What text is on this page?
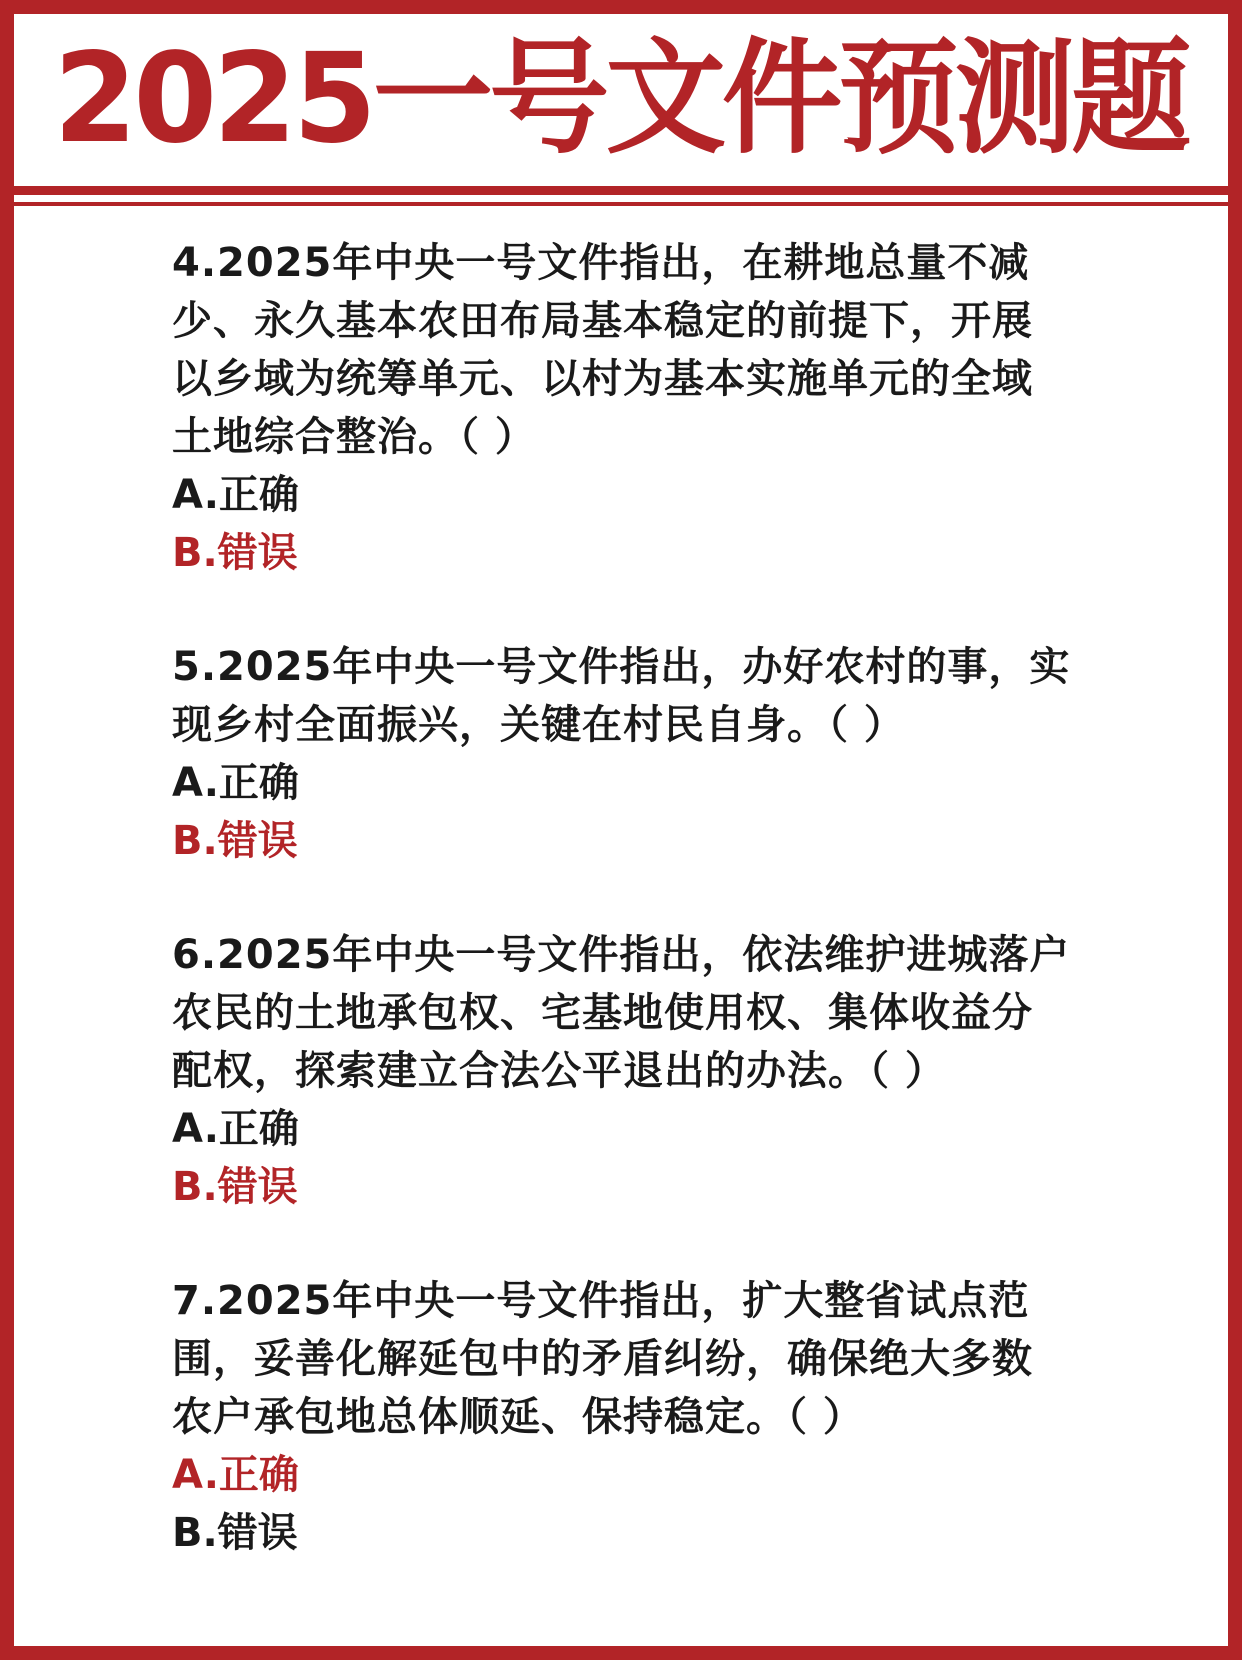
2025一号文件预测题

4.2025年中央一号文件指出，在耕地总量不减少、永久基本农田布局基本稳定的前提下，开展以乡域为统筹单元、以村为基本实施单元的全域土地综合整治。（ ）

A.正确

B.错误

5.2025年中央一号文件指出，办好农村的事，实现乡村全面振兴，关键在村民自身。（ ）

A.正确

B.错误

6.2025年中央一号文件指出，依法维护进城落户农民的土地承包权、宅基地使用权、集体收益分配权，探索建立合法公平退出的办法。（ ）

A.正确

B.错误

7.2025年中央一号文件指出，扩大整省试点范围，妥善化解延包中的矛盾纠纷，确保绝大多数农户承包地总体顺延、保持稳定。（ ）

A.正确

B.错误
